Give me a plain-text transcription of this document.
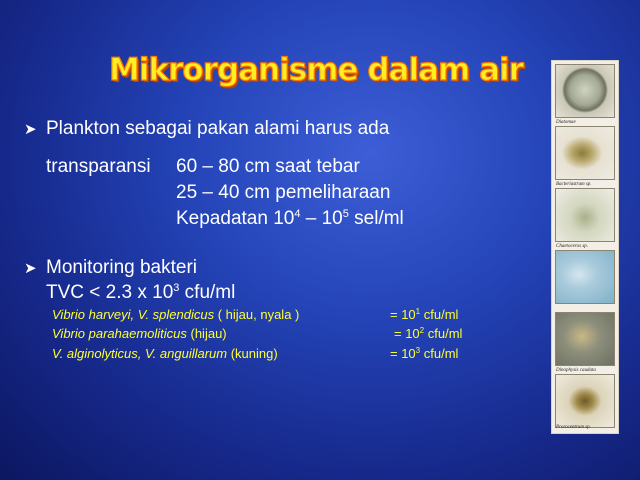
Mikrorganisme dalam air
➤ Plankton sebagai pakan alami harus ada
transparansi 60 – 80 cm saat tebar
25 – 40 cm pemeliharaan
Kepadatan $10^4 - 10^5$ sel/ml
➤ Monitoring bakteri
TVC < 2.3 x $10^3$ cfu/ml
Vibrio harveyi, V. splendicus ( hijau, nyala )	= $10^1$ cfu/ml
Vibrio parahaemoliticus (hijau)	= $10^2$ cfu/ml
V. alginolyticus, V. anguillarum (kuning)	= $10^3$ cfu/ml
Diatomae
Bacteriastrum sp.
Chaetoceros sp.
Dinophysis caudata
Prorocentrum sp.
